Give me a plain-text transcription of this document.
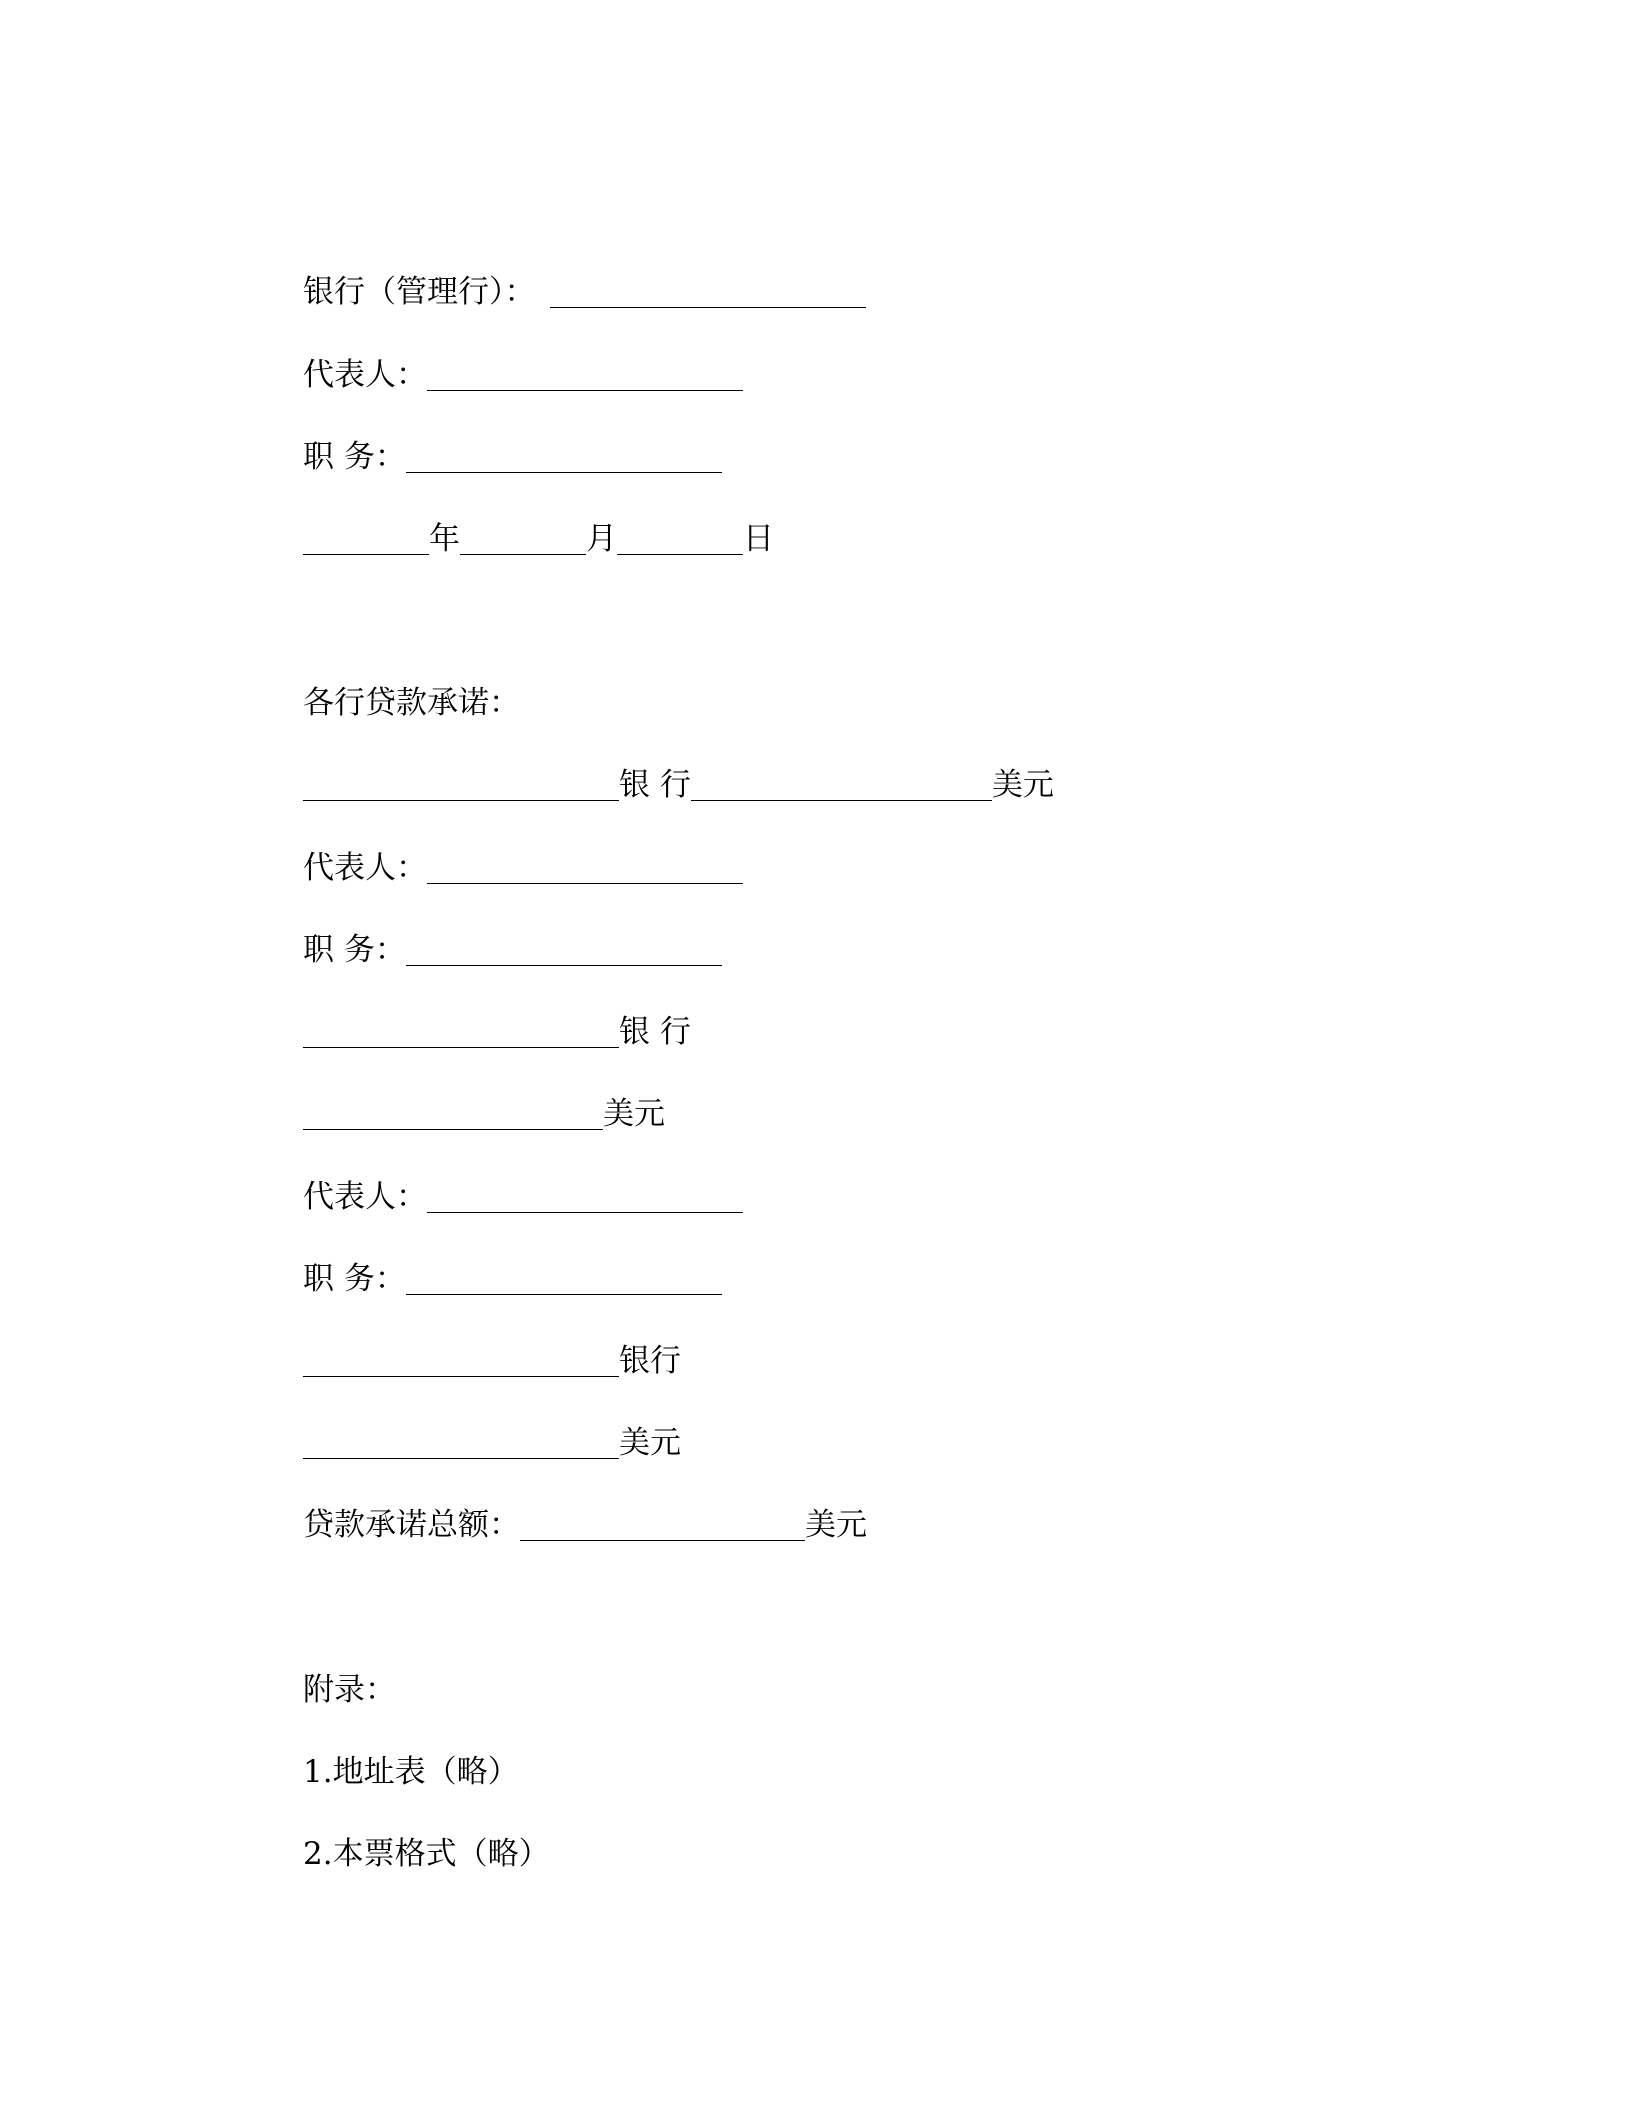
银行（管理行）：
代表人：
职 务：
年	月	日
各行贷款承诺：
银 行	美元
代表人：
职 务：
银 行
美元
代表人：
职 务：
银行
美元
贷款承诺总额：	美元
附录：
1.地址表（略）
2.本票格式（略）
